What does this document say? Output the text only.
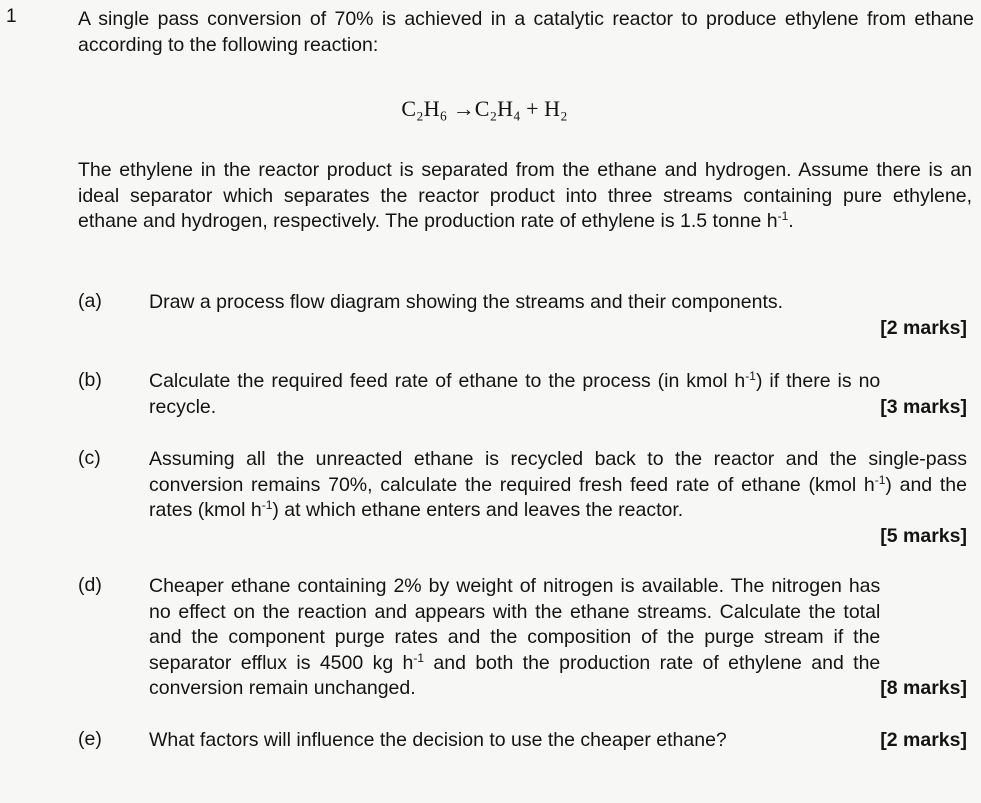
1	A single pass conversion of 70% is achieved in a catalytic reactor to produce ethylene from ethane according to the following reaction:
C₂H₆ →C₂H₄ + H₂
The ethylene in the reactor product is separated from the ethane and hydrogen. Assume there is an ideal separator which separates the reactor product into three streams containing pure ethylene, ethane and hydrogen, respectively. The production rate of ethylene is 1.5 tonne $h^{-1}$.
(a)	Draw a process flow diagram showing the streams and their components.
[2 marks]
(b)
[3 marks]
Calculate the required feed rate of ethane to the process (in kmol $h^{-1}$) if there is no recycle.
(c)	Assuming all the unreacted ethane is recycled back to the reactor and the single-pass conversion remains 70%, calculate the required fresh feed rate of ethane (kmol $h^{-1}$) and the rates (kmol $h^{-1}$) at which ethane enters and leaves the reactor.
[5 marks]
(d)
[8 marks]
Cheaper ethane containing 2% by weight of nitrogen is available. The nitrogen has no effect on the reaction and appears with the ethane streams. Calculate the total and the component purge rates and the composition of the purge stream if the separator efflux is 4500 kg $h^{-1}$ and both the production rate of ethylene and the conversion remain unchanged.
(e)	[2 marks]
What factors will influence the decision to use the cheaper ethane?
